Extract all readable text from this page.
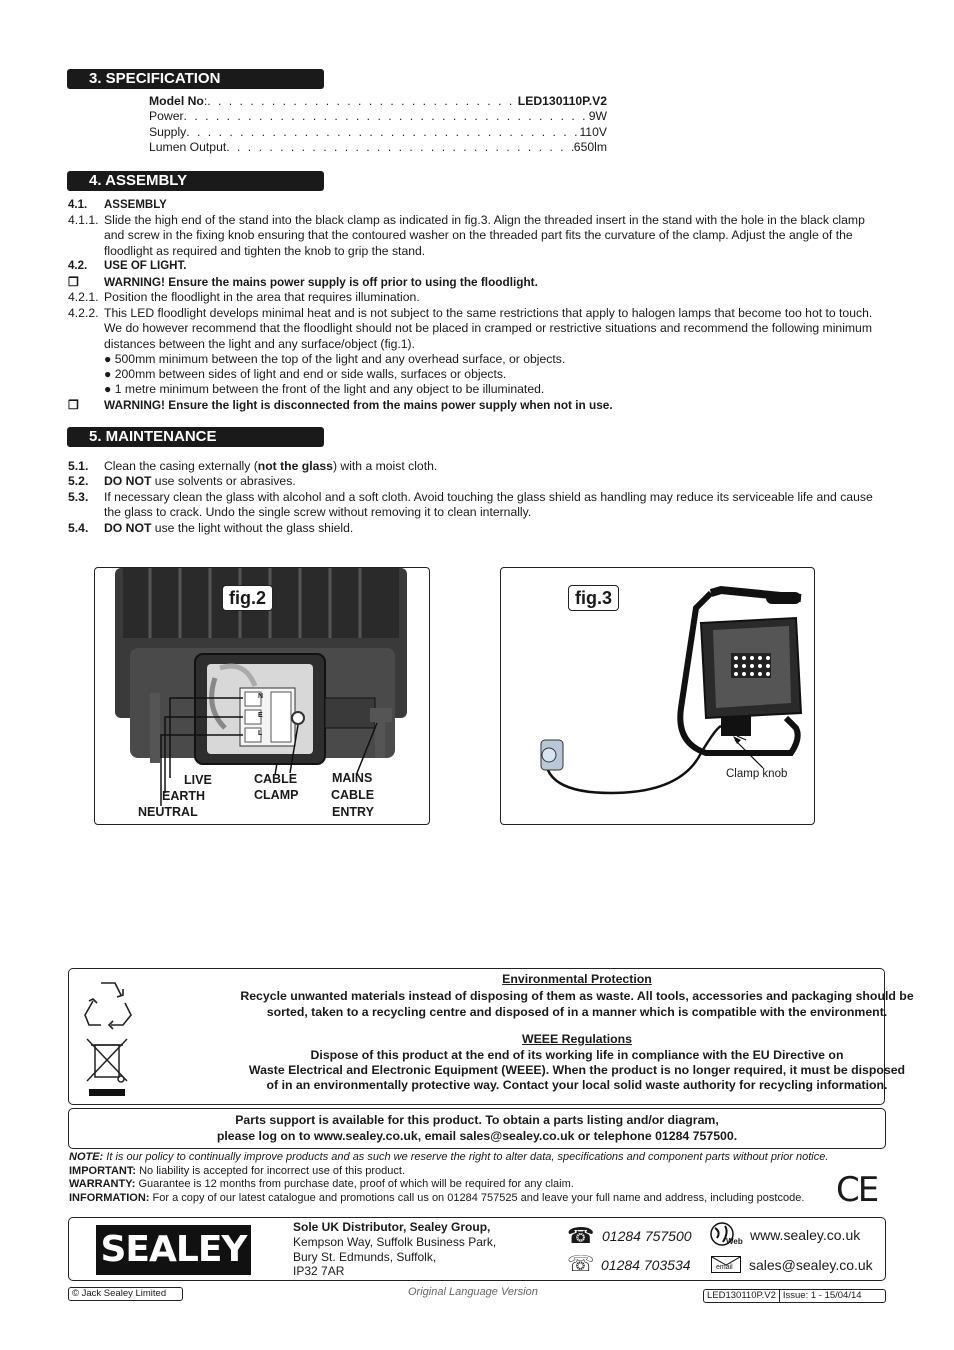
3. SPECIFICATION
Model No : . . .	LED130110P.V2
Power . . .	9W
Supply . . .	110V
Lumen Output . . .	650lm
4. ASSEMBLY
4.1.	ASSEMBLY
4.1.1. Slide the high end of the stand into the black clamp as indicated in fig.3. Align the threaded insert in the stand with the hole in the black clamp and screw in the fixing knob ensuring that the contoured washer on the threaded part fits the curvature of the clamp. Adjust the angle of the floodlight as required and tighten the knob to grip the stand.
4.2.	USE OF LIGHT.
❒	WARNING! Ensure the mains power supply is off prior to using the floodlight.
4.2.1. Position the floodlight in the area that requires illumination.
4.2.2. This LED floodlight develops minimal heat and is not subject to the same restrictions that apply to halogen lamps that become too hot to touch. We do however recommend that the floodlight should not be placed in cramped or restrictive situations and recommend the following minimum distances between the light and any surface/object (fig.1).
● 500mm minimum between the top of the light and any overhead surface, or objects.
● 200mm between sides of light and end or side walls, surfaces or objects.
● 1 metre minimum between the front of the light and any object to be illuminated.
❒	WARNING! Ensure the light is disconnected from the mains power supply when not in use.
5. MAINTENANCE
5.1.	Clean the casing externally (not the glass) with a moist cloth.
5.2.	DO NOT use solvents or abrasives.
5.3.	If necessary clean the glass with alcohol and a soft cloth. Avoid touching the glass shield as handling may reduce its serviceable life and cause the glass to crack. Undo the single screw without removing it to clean internally.
5.4.	DO NOT use the light without the glass shield.
N
E
L
fig.2
LIVE
EARTH
NEUTRAL
CABLE
CLAMP
MAINS
CABLE
ENTRY
fig.3
Clamp knob
Environmental Protection
Recycle unwanted materials instead of disposing of them as waste. All tools, accessories and packaging should be
sorted, taken to a recycling centre and disposed of in a manner which is compatible with the environment.
WEEE Regulations
Dispose of this product at the end of its working life in compliance with the EU Directive on
Waste Electrical and Electronic Equipment (WEEE). When the product is no longer required, it must be disposed
of in an environmentally protective way. Contact your local solid waste authority for recycling information.
Parts support is available for this product. To obtain a parts listing and/or diagram,
please log on to www.sealey.co.uk, email sales@sealey.co.uk or telephone 01284 757500.
NOTE: It is our policy to continually improve products and as such we reserve the right to alter data, specifications and component parts without prior notice.
IMPORTANT: No liability is accepted for incorrect use of this product.
WARRANTY: Guarantee is 12 months from purchase date, proof of which will be required for any claim.
INFORMATION: For a copy of our latest catalogue and promotions call us on 01284 757525 and leave your full name and address, including postcode. CE
SEALEY
Sole UK Distributor, Sealey Group,
Kempson Way, Suffolk Business Park,
Bury St. Edmunds, Suffolk,
IP32 7AR
☎ 01284 757500
☏ 01284 703534
Web www.sealey.co.uk
email sales@sealey.co.uk
© Jack Sealey Limited	Original Language Version	LED130110P.V2 Issue: 1 - 15/04/14
